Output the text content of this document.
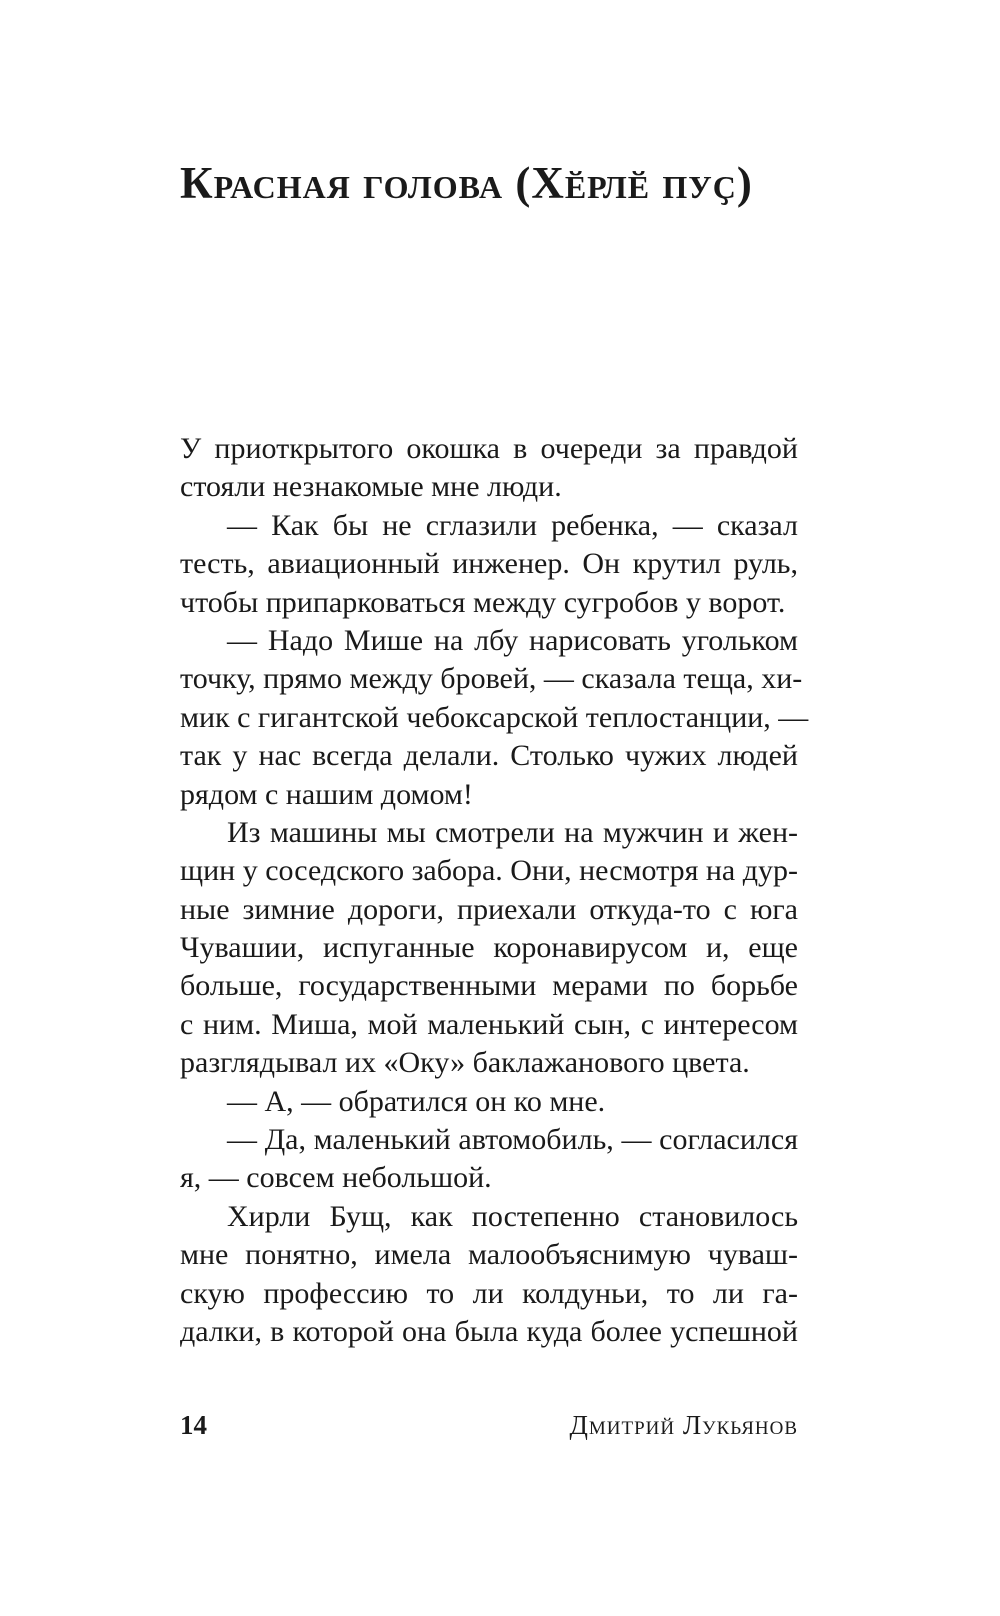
Красная голова (Хӗрлӗ пуҫ)
У приоткрытого окошка в очереди за правдой
стояли незнакомые мне люди.
— Как бы не сглазили ребенка, — сказал
тесть, авиационный инженер. Он крутил руль,
чтобы припарковаться между сугробов у ворот.
— Надо Мише на лбу нарисовать угольком
точку, прямо между бровей, — сказала теща, хи-
мик с гигантской чебоксарской теплостанции, —
так у нас всегда делали. Столько чужих людей
рядом с нашим домом!
Из машины мы смотрели на мужчин и жен-
щин у соседского забора. Они, несмотря на дур-
ные зимние дороги, приехали откуда-то с юга
Чувашии, испуганные коронавирусом и, еще
больше, государственными мерами по борьбе
с ним. Миша, мой маленький сын, с интересом
разглядывал их «Оку» баклажанового цвета.
— А, — обратился он ко мне.
— Да, маленький автомобиль, — согласился
я, — совсем небольшой.
Хирли Бущ, как постепенно становилось
мне понятно, имела малообъяснимую чуваш-
скую профессию то ли колдуньи, то ли га-
далки, в которой она была куда более успешной
14	Дмитрий Лукьянов
